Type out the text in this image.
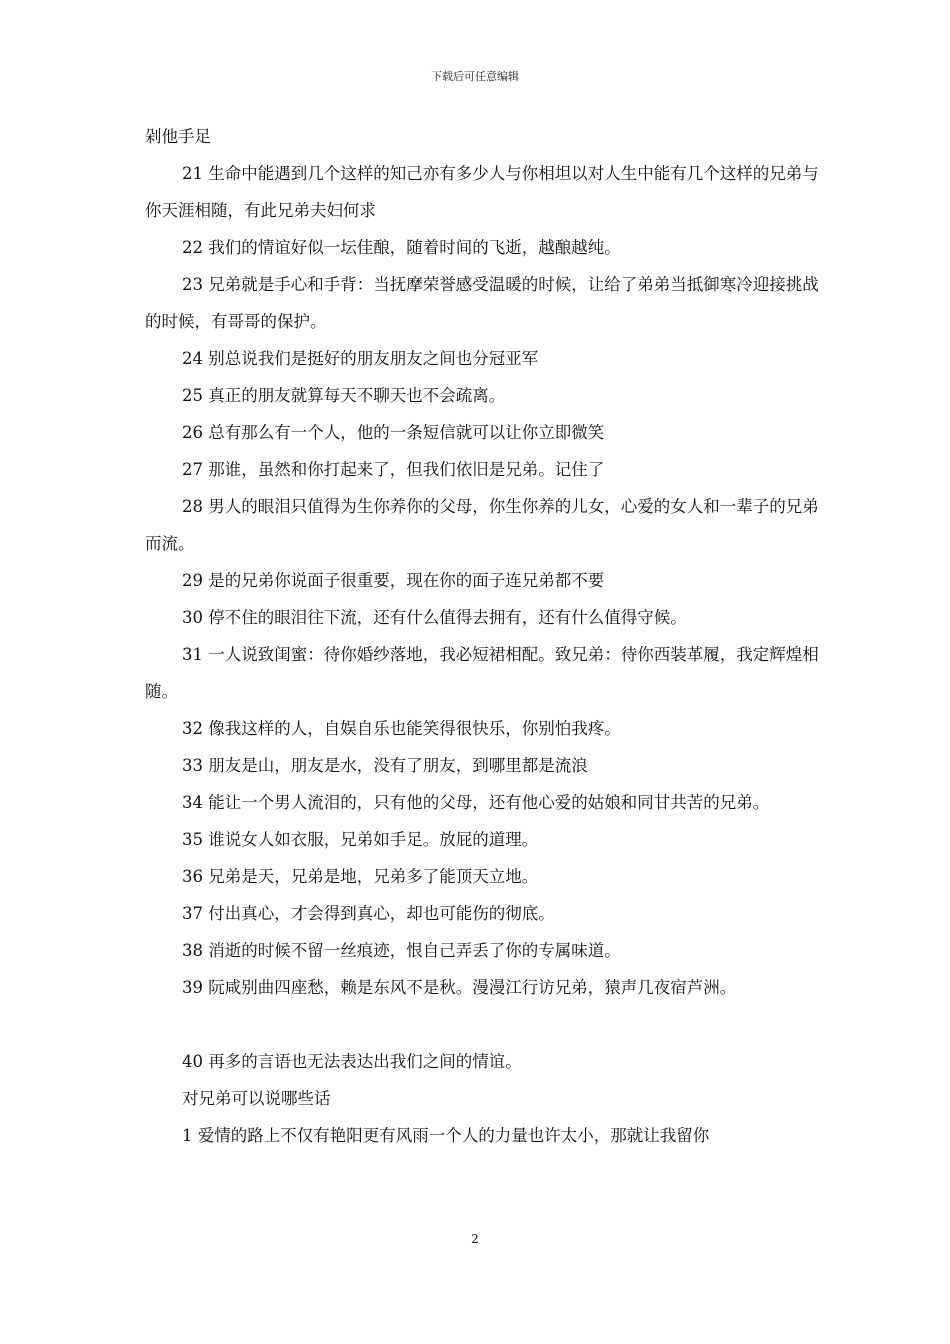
下载后可任意编辑

剁他手足

21 生命中能遇到几个这样的知己亦有多少人与你相坦以对人生中能有几个这样的兄弟与你天涯相随，有此兄弟夫妇何求

22 我们的情谊好似一坛佳酿，随着时间的飞逝，越酿越纯。

23 兄弟就是手心和手背：当抚摩荣誉感受温暖的时候，让给了弟弟当抵御寒冷迎接挑战的时候，有哥哥的保护。

24 别总说我们是挺好的朋友朋友之间也分冠亚军

25 真正的朋友就算每天不聊天也不会疏离。

26 总有那么有一个人，他的一条短信就可以让你立即微笑

27 那谁，虽然和你打起来了，但我们依旧是兄弟。记住了

28 男人的眼泪只值得为生你养你的父母，你生你养的儿女，心爱的女人和一辈子的兄弟而流。

29 是的兄弟你说面子很重要，现在你的面子连兄弟都不要

30 停不住的眼泪往下流，还有什么值得去拥有，还有什么值得守候。

31 一人说致闺蜜：待你婚纱落地，我必短裙相配。致兄弟：待你西装革履，我定辉煌相随。

32 像我这样的人，自娱自乐也能笑得很快乐，你别怕我疼。

33 朋友是山，朋友是水，没有了朋友，到哪里都是流浪

34 能让一个男人流泪的，只有他的父母，还有他心爱的姑娘和同甘共苦的兄弟。

35 谁说女人如衣服，兄弟如手足。放屁的道理。

36 兄弟是天，兄弟是地，兄弟多了能顶天立地。

37 付出真心，才会得到真心，却也可能伤的彻底。

38 消逝的时候不留一丝痕迹，恨自己弄丢了你的专属味道。

39 阮咸别曲四座愁，赖是东风不是秋。漫漫江行访兄弟，猿声几夜宿芦洲。

40 再多的言语也无法表达出我们之间的情谊。

对兄弟可以说哪些话

1 爱情的路上不仅有艳阳更有风雨一个人的力量也许太小，那就让我留你

2
